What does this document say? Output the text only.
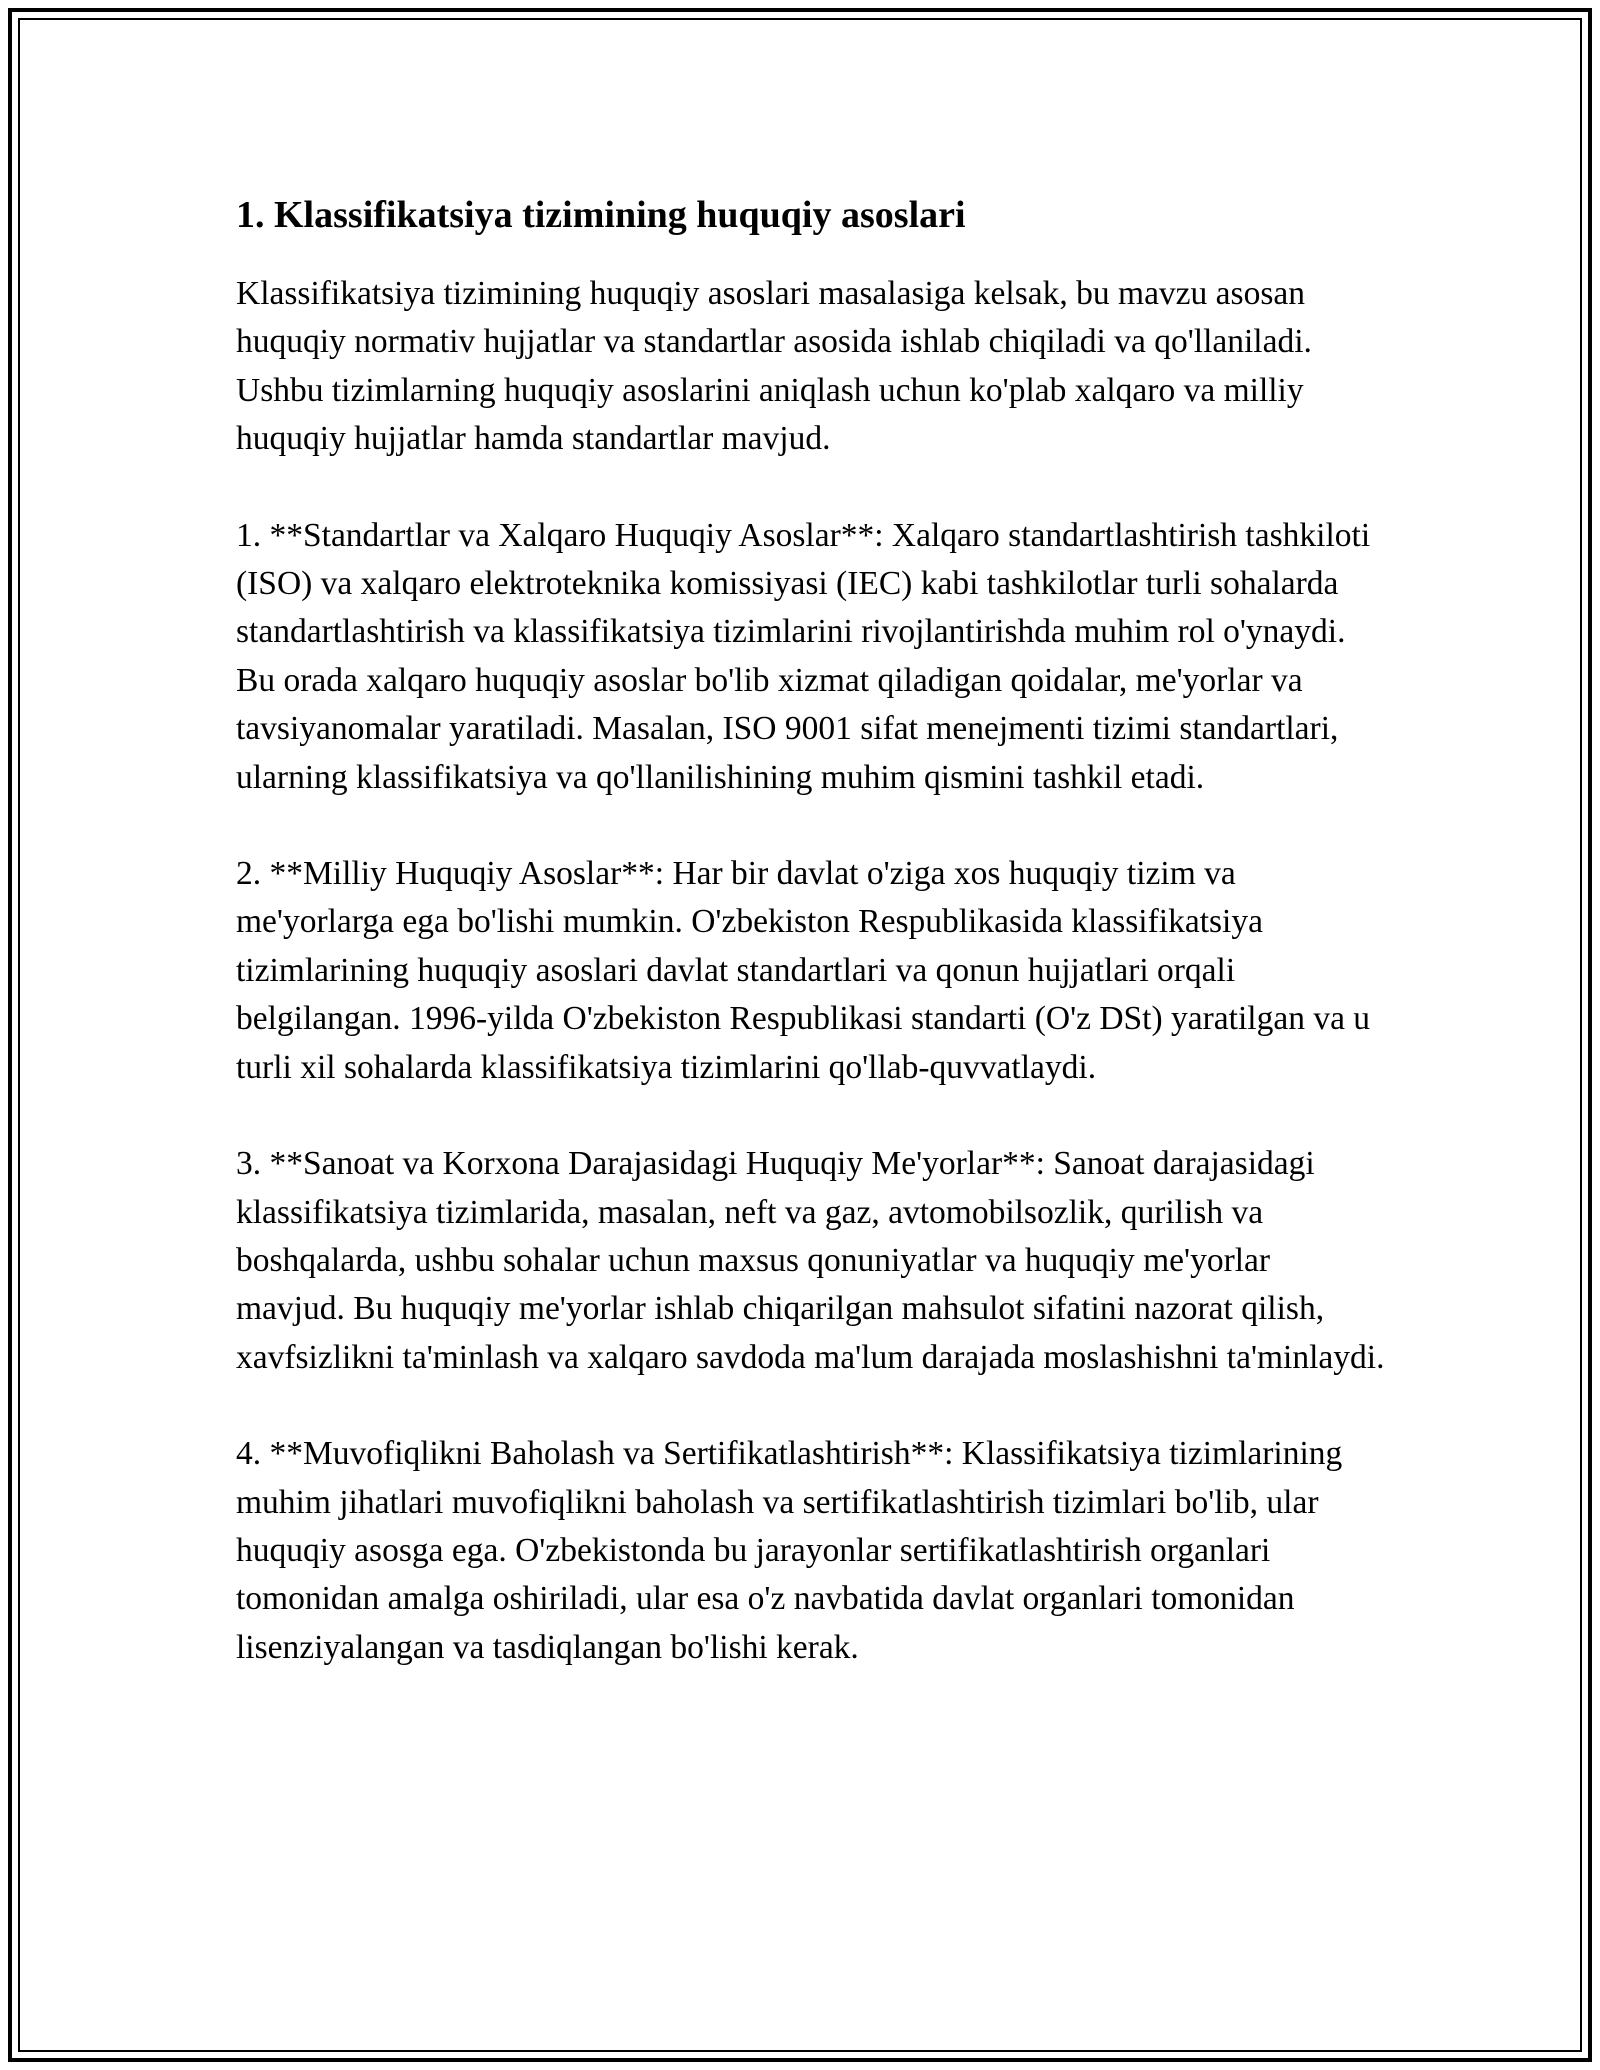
1. Klassifikatsiya tizimining huquqiy asoslari

Klassifikatsiya tizimining huquqiy asoslari masalasiga kelsak, bu mavzu asosan huquqiy normativ hujjatlar va standartlar asosida ishlab chiqiladi va qo'llaniladi. Ushbu tizimlarning huquqiy asoslarini aniqlash uchun ko'plab xalqaro va milliy huquqiy hujjatlar hamda standartlar mavjud.

1. **Standartlar va Xalqaro Huquqiy Asoslar**: Xalqaro standartlashtirish tashkiloti (ISO) va xalqaro elektroteknika komissiyasi (IEC) kabi tashkilotlar turli sohalarda standartlashtirish va klassifikatsiya tizimlarini rivojlantirishda muhim rol o'ynaydi. Bu orada xalqaro huquqiy asoslar bo'lib xizmat qiladigan qoidalar, me'yorlar va tavsiyanomalar yaratiladi. Masalan, ISO 9001 sifat menejmenti tizimi standartlari, ularning klassifikatsiya va qo'llanilishining muhim qismini tashkil etadi.

2. **Milliy Huquqiy Asoslar**: Har bir davlat o'ziga xos huquqiy tizim va me'yorlarga ega bo'lishi mumkin. O'zbekiston Respublikasida klassifikatsiya tizimlarining huquqiy asoslari davlat standartlari va qonun hujjatlari orqali belgilangan. 1996-yilda O'zbekiston Respublikasi standarti (O'z DSt) yaratilgan va u turli xil sohalarda klassifikatsiya tizimlarini qo'llab-quvvatlaydi.

3. **Sanoat va Korxona Darajasidagi Huquqiy Me'yorlar**: Sanoat darajasidagi klassifikatsiya tizimlarida, masalan, neft va gaz, avtomobilsozlik, qurilish va boshqalarda, ushbu sohalar uchun maxsus qonuniyatlar va huquqiy me'yorlar mavjud. Bu huquqiy me'yorlar ishlab chiqarilgan mahsulot sifatini nazorat qilish, xavfsizlikni ta'minlash va xalqaro savdoda ma'lum darajada moslashishni ta'minlaydi.

4. **Muvofiqlikni Baholash va Sertifikatlashtirish**: Klassifikatsiya tizimlarining muhim jihatlari muvofiqlikni baholash va sertifikatlashtirish tizimlari bo'lib, ular huquqiy asosga ega. O'zbekistonda bu jarayonlar sertifikatlashtirish organlari tomonidan amalga oshiriladi, ular esa o'z navbatida davlat organlari tomonidan lisenziyalangan va tasdiqlangan bo'lishi kerak.
